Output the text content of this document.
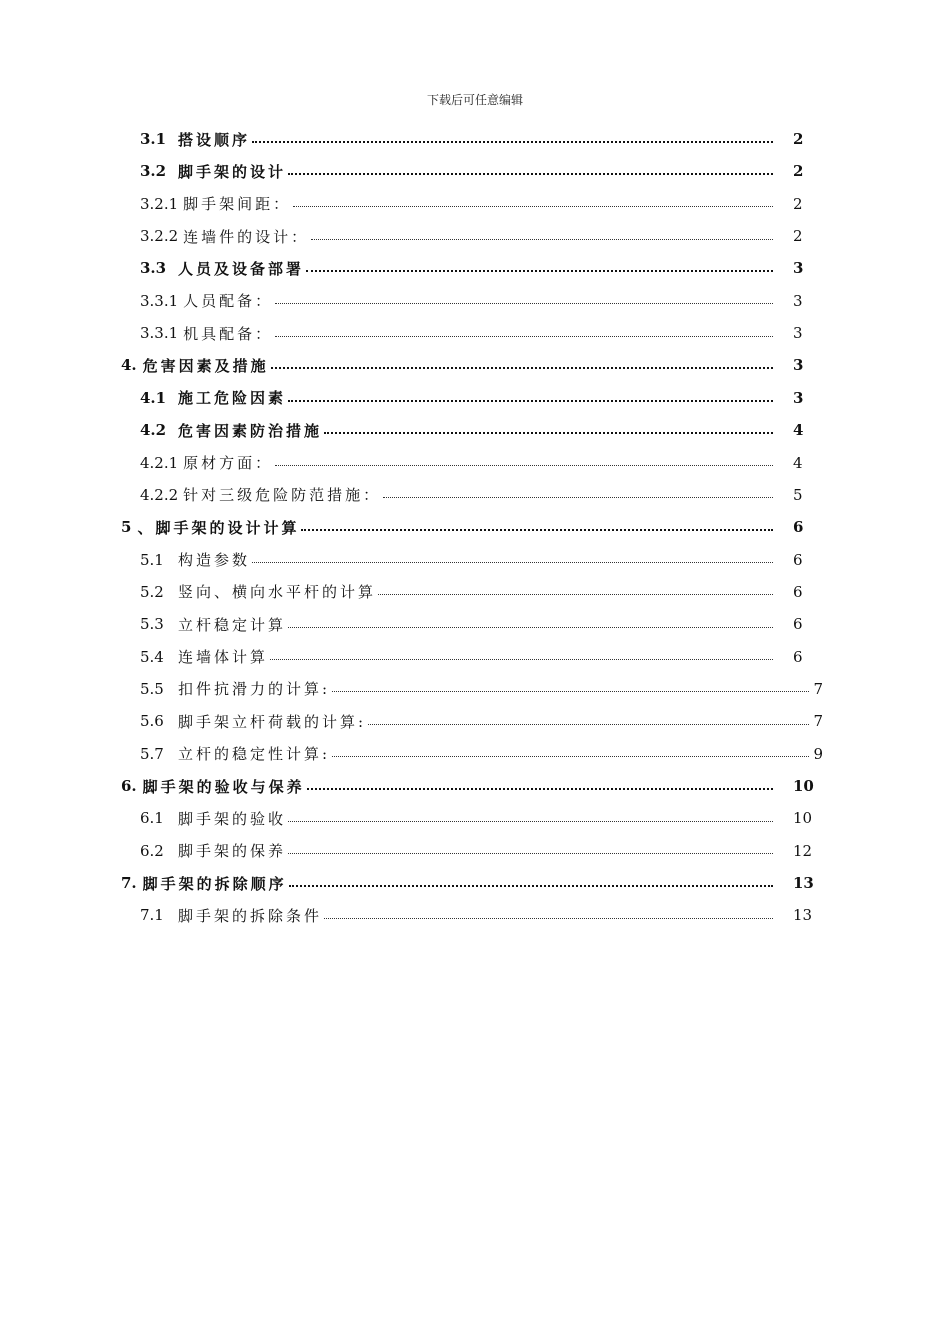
下载后可任意编辑
3.1 搭设顺序	2
3.2 脚手架的设计	2
3.2.1 脚手架间距：	2
3.2.2 连墙件的设计：	2
3.3 人员及设备部署	3
3.3.1 人员配备：	3
3.3.1 机具配备：	3
4. 危害因素及措施	3
4.1 施工危险因素	3
4.2 危害因素防治措施	4
4.2.1 原材方面：	4
4.2.2 针对三级危险防范措施：	5
5 、脚手架的设计计算	6
5.1 构造参数	6
5.2 竖向、横向水平杆的计算	6
5.3 立杆稳定计算	6
5.4 连墙体计算	6
5.5 扣件抗滑力的计算:	7
5.6 脚手架立杆荷载的计算:	7
5.7 立杆的稳定性计算:	9
6. 脚手架的验收与保养	10
6.1 脚手架的验收	10
6.2 脚手架的保养	12
7. 脚手架的拆除顺序	13
7.1 脚手架的拆除条件	13
